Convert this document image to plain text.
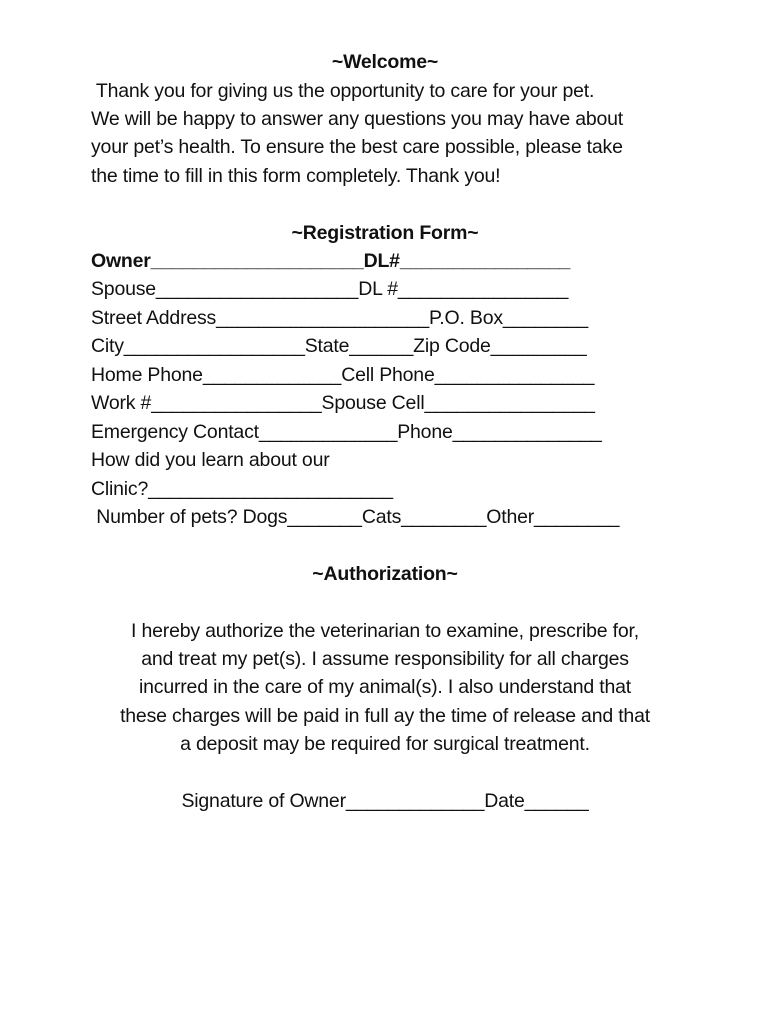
~Welcome~
Thank you for giving us the opportunity to care for your pet.
We will be happy to answer any questions you may have about
your pet’s health. To ensure the best care possible, please take
the time to fill in this form completely. Thank you!
~Registration Form~
Owner____________________DL#________________
Spouse___________________DL #________________
Street Address____________________P.O. Box________
City_________________State______Zip Code_________
Home Phone_____________Cell Phone_______________
Work #________________Spouse Cell________________
Emergency Contact_____________Phone______________
How did you learn about our
Clinic?_______________________
Number of pets? Dogs_______Cats________Other________
~Authorization~
I hereby authorize the veterinarian to examine, prescribe for,
and treat my pet(s). I assume responsibility for all charges
incurred in the care of my animal(s). I also understand that
these charges will be paid in full ay the time of release and that
a deposit may be required for surgical treatment.
Signature of Owner_____________Date______
